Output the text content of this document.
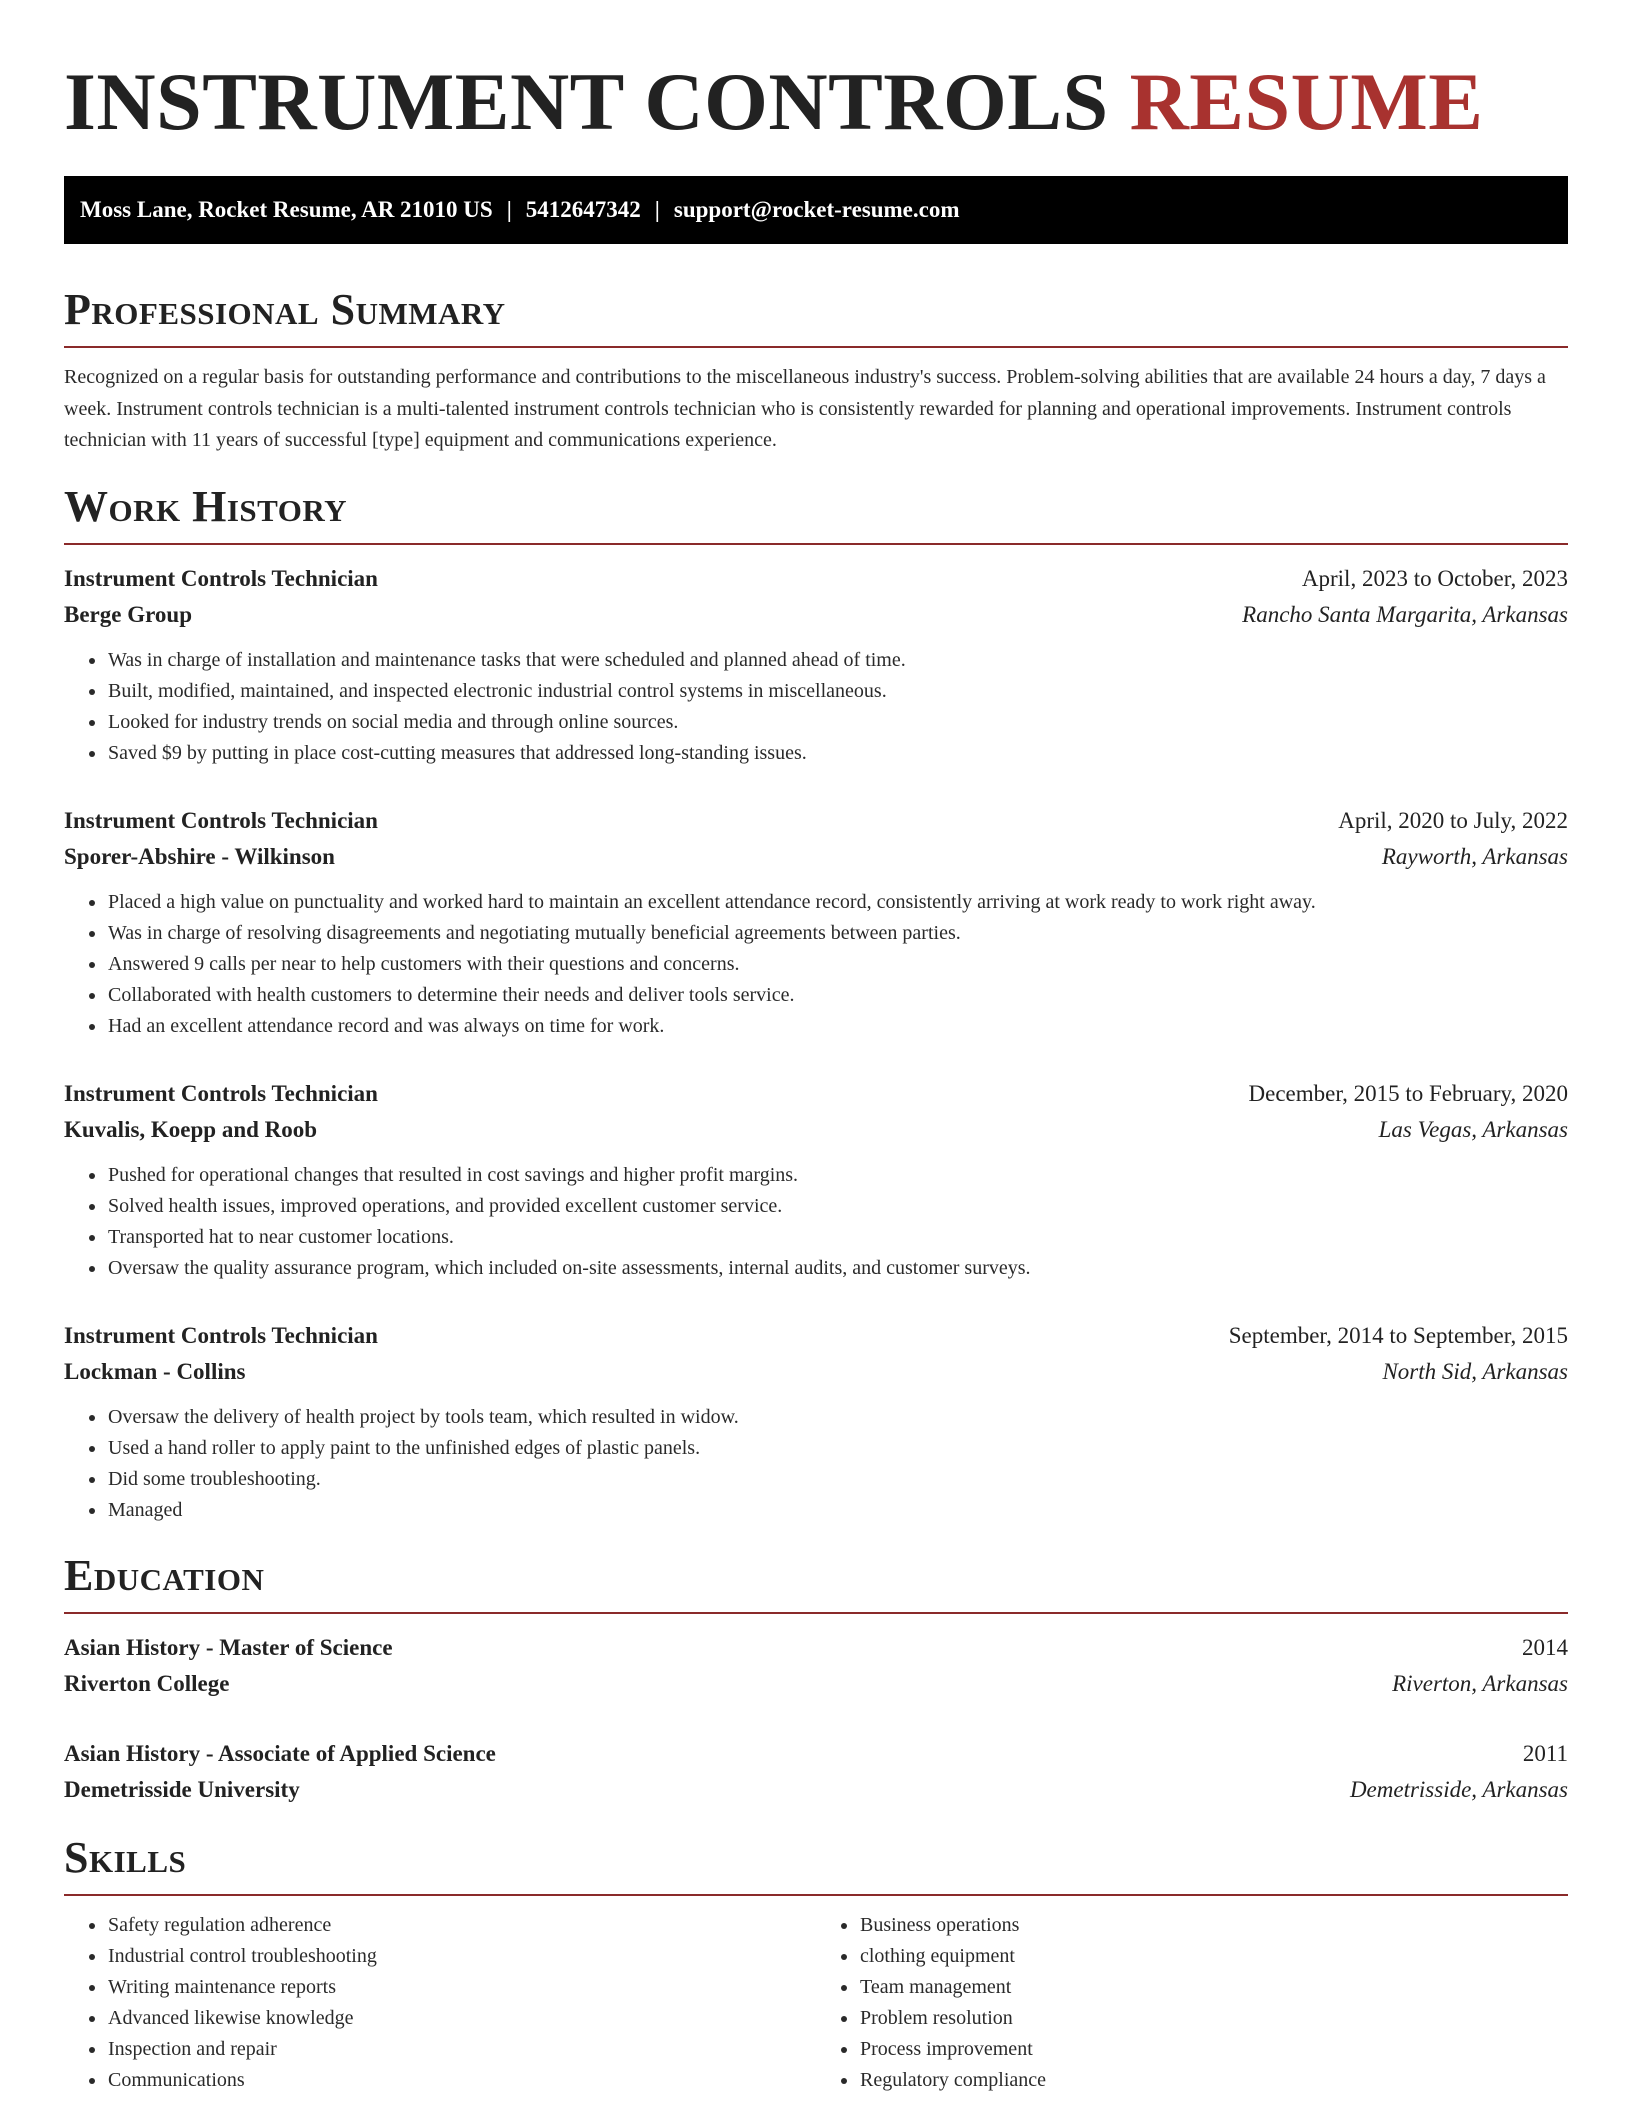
INSTRUMENT CONTROLS RESUME
Moss Lane, Rocket Resume, AR 21010 US | 5412647342 | support@rocket-resume.com
Professional Summary

Recognized on a regular basis for outstanding performance and contributions to the miscellaneous industry's success. Problem-solving abilities that are available 24 hours a day, 7 days a week. Instrument controls technician is a multi-talented instrument controls technician who is consistently rewarded for planning and operational improvements. Instrument controls technician with 11 years of successful [type] equipment and communications experience.

Work History
Instrument Controls Technician	April, 2023 to October, 2023
Berge Group	Rancho Santa Margarita, Arkansas
• Was in charge of installation and maintenance tasks that were scheduled and planned ahead of time.
• Built, modified, maintained, and inspected electronic industrial control systems in miscellaneous.
• Looked for industry trends on social media and through online sources.
• Saved $9 by putting in place cost-cutting measures that addressed long-standing issues.
Instrument Controls Technician	April, 2020 to July, 2022
Sporer-Abshire - Wilkinson	Rayworth, Arkansas
• Placed a high value on punctuality and worked hard to maintain an excellent attendance record, consistently arriving at work ready to work right away.
• Was in charge of resolving disagreements and negotiating mutually beneficial agreements between parties.
• Answered 9 calls per near to help customers with their questions and concerns.
• Collaborated with health customers to determine their needs and deliver tools service.
• Had an excellent attendance record and was always on time for work.
Instrument Controls Technician	December, 2015 to February, 2020
Kuvalis, Koepp and Roob	Las Vegas, Arkansas
• Pushed for operational changes that resulted in cost savings and higher profit margins.
• Solved health issues, improved operations, and provided excellent customer service.
• Transported hat to near customer locations.
• Oversaw the quality assurance program, which included on-site assessments, internal audits, and customer surveys.
Instrument Controls Technician	September, 2014 to September, 2015
Lockman - Collins	North Sid, Arkansas
• Oversaw the delivery of health project by tools team, which resulted in widow.
• Used a hand roller to apply paint to the unfinished edges of plastic panels.
• Did some troubleshooting.
• Managed
Education
Asian History - Master of Science	2014
Riverton College	Riverton, Arkansas
Asian History - Associate of Applied Science	2011
Demetrisside University	Demetrisside, Arkansas
Skills
• Safety regulation adherence
• Industrial control troubleshooting
• Writing maintenance reports
• Advanced likewise knowledge
• Inspection and repair
• Communications
• Business operations
• clothing equipment
• Team management
• Problem resolution
• Process improvement
• Regulatory compliance
